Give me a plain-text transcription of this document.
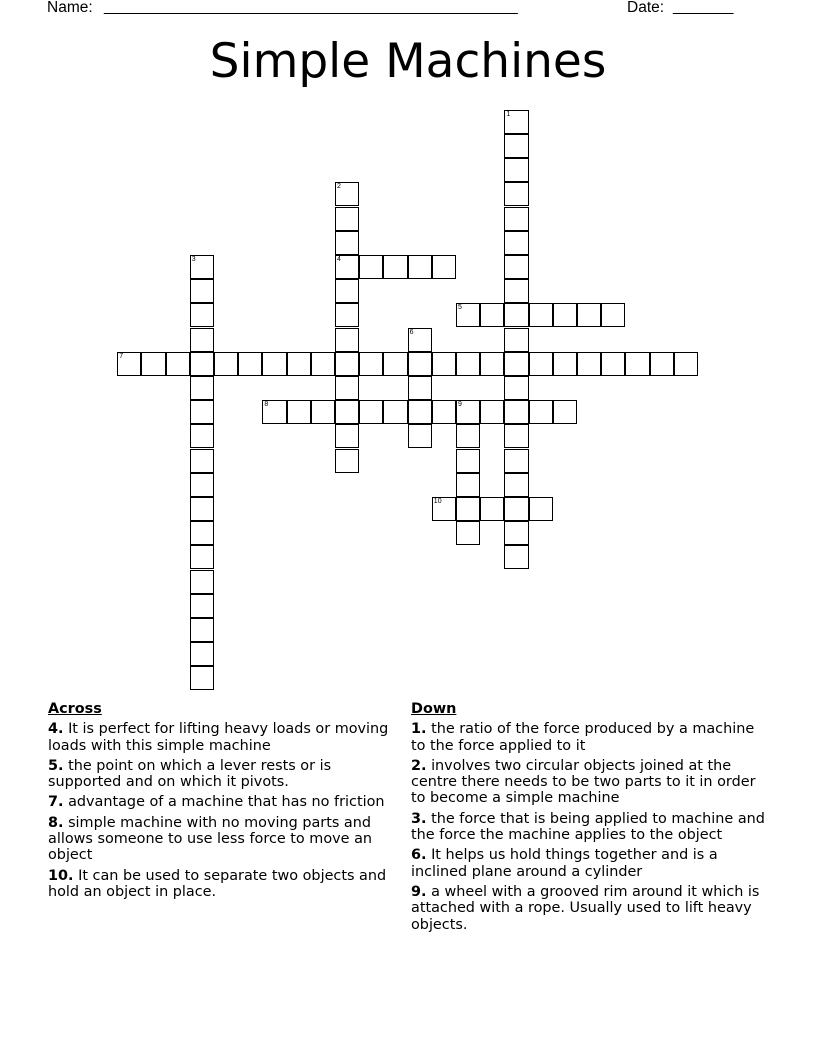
Name: ________________________________________________	Date: _______
Simple Machines
4
5
7
8	9
10
1
2
3
6
Across
4. It is perfect for lifting heavy loads or moving loads with this simple machine
5. the point on which a lever rests or is supported and on which it pivots.
7. advantage of a machine that has no friction
8. simple machine with no moving parts and allows someone to use less force to move an object
10. It can be used to separate two objects and hold an object in place.
Down
1. the ratio of the force produced by a machine to the force applied to it
2. involves two circular objects joined at the centre there needs to be two parts to it in order to become a simple machine
3. the force that is being applied to machine and the force the machine applies to the object
6. It helps us hold things together and is a inclined plane around a cylinder
9. a wheel with a grooved rim around it which is attached with a rope. Usually used to lift heavy objects.
